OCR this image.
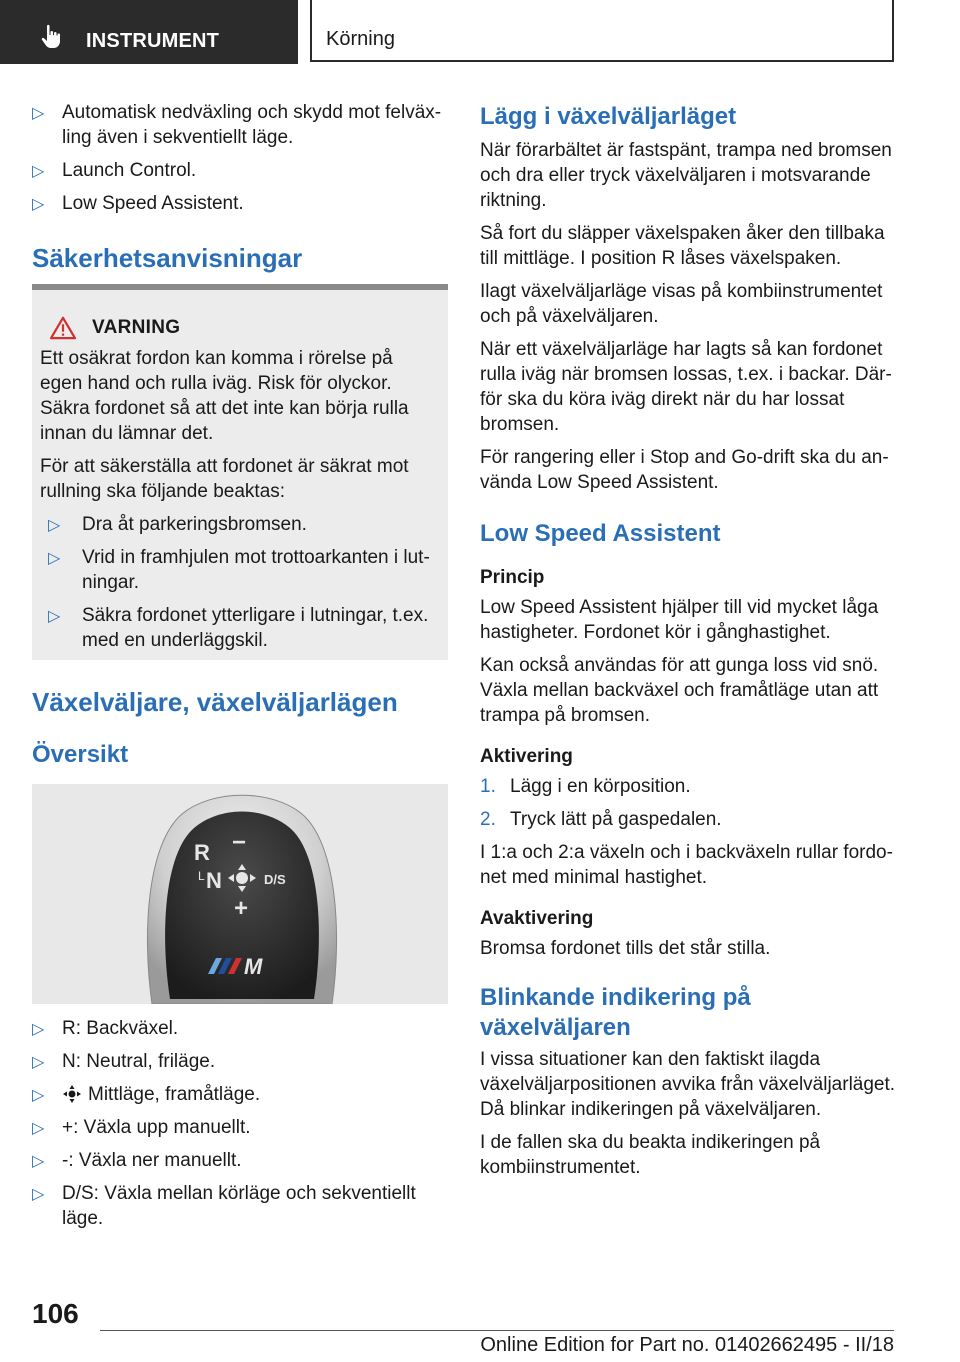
INSTRUMENT	Körning
▷ Automatisk nedväxling och skydd mot felväxling även i sekventiellt läge.
▷ Launch Control.
▷ Low Speed Assistent.
Säkerhetsanvisningar
VARNING

Ett osäkrat fordon kan komma i rörelse på egen hand och rulla iväg. Risk för olyckor. Säkra fordonet så att det inte kan börja rulla innan du lämnar det.

För att säkerställa att fordonet är säkrat mot rullning ska följande beaktas:

▷ Dra åt parkeringsbromsen.
▷ Vrid in framhjulen mot trottoarkanten i lutningar.
▷ Säkra fordonet ytterligare i lutningar, t.ex. med en underläggskil.
Växelväljare, växelväljarlägen
Översikt
R −
L N	D/S
+
M
▷ R: Backväxel.
▷ N: Neutral, friläge.
▷ Mittläge, framåtläge.
▷ +: Växla upp manuellt.
▷ -: Växla ner manuellt.
▷ D/S: Växla mellan körläge och sekventiellt läge.
Lägg i växelväljarläget

När förarbältet är fastspänt, trampa ned bromsen och dra eller tryck växelväljaren i motsvarande riktning.

Så fort du släpper växelspaken åker den tillbaka till mittläge. I position R låses växelspaken.

Ilagt växelväljarläge visas på kombiinstrumentet och på växelväljaren.

När ett växelväljarläge har lagts så kan fordonet rulla iväg när bromsen lossas, t.ex. i backar. Därför ska du köra iväg direkt när du har lossat bromsen.

För rangering eller i Stop and Go-drift ska du använda Low Speed Assistent.

Low Speed Assistent
Princip

Low Speed Assistent hjälper till vid mycket låga hastigheter. Fordonet kör i gånghastighet.

Kan också användas för att gunga loss vid snö. Växla mellan backväxel och framåtläge utan att trampa på bromsen.

Aktivering
1. Lägg i en körposition.
2. Tryck lätt på gaspedalen.

I 1:a och 2:a växeln och i backväxeln rullar fordonet med minimal hastighet.

Avaktivering

Bromsa fordonet tills det står stilla.

Blinkande indikering på växelväljaren

I vissa situationer kan den faktiskt ilagda växelväljarpositionen avvika från växelväljarläget. Då blinkar indikeringen på växelväljaren.

I de fallen ska du beakta indikeringen på kombiinstrumentet.

106
Online Edition for Part no. 01402662495 - II/18
